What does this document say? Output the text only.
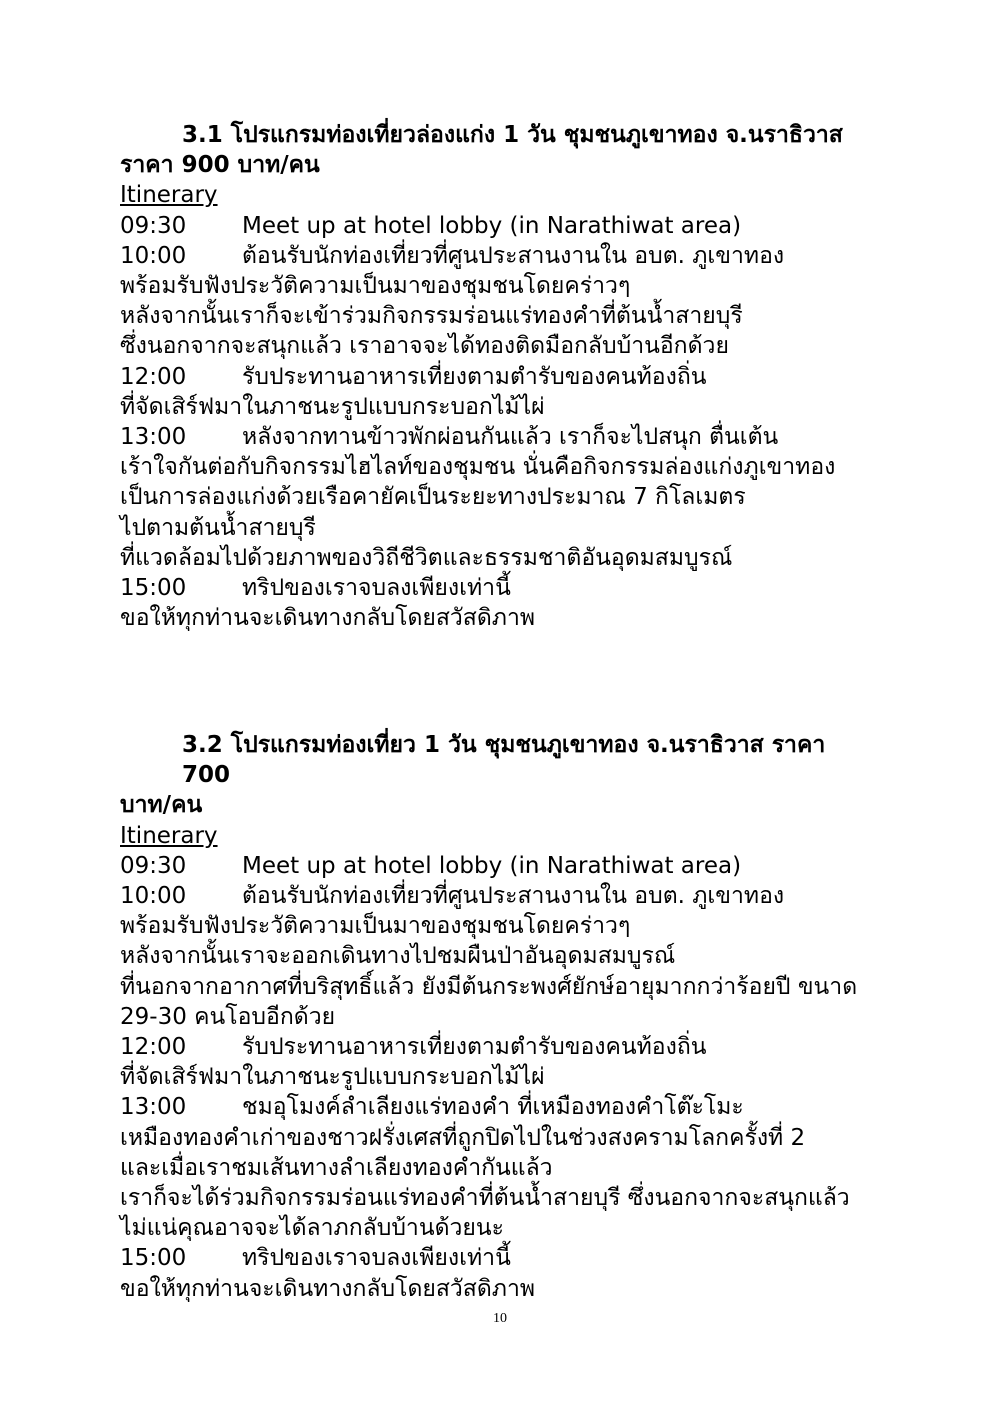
3.1 โปรแกรมท่องเที่ยวล่องแก่ง 1 วัน ชุมชนภูเขาทอง จ.นราธิวาส
ราคา 900 บาท/คน
Itinerary
09:30 Meet up at hotel lobby (in Narathiwat area)
10:00 ต้อนรับนักท่องเที่ยวที่ศูนประสานงานใน อบต. ภูเขาทอง
พร้อมรับฟังประวัติความเป็นมาของชุมชนโดยคร่าวๆ
หลังจากนั้นเราก็จะเข้าร่วมกิจกรรมร่อนแร่ทองคำที่ต้นน้ำสายบุรี
ซึ่งนอกจากจะสนุกแล้ว เราอาจจะได้ทองติดมือกลับบ้านอีกด้วย
12:00 รับประทานอาหารเที่ยงตามตำรับของคนท้องถิ่น
ที่จัดเสิร์ฟมาในภาชนะรูปแบบกระบอกไม้ไผ่
13:00 หลังจากทานข้าวพักผ่อนกันแล้ว เราก็จะไปสนุก ตื่นเต้น
เร้าใจกันต่อกับกิจกรรมไฮไลท์ของชุมชน นั่นคือกิจกรรมล่องแก่งภูเขาทอง
เป็นการล่องแก่งด้วยเรือคายัคเป็นระยะทางประมาณ 7 กิโลเมตร
ไปตามต้นน้ำสายบุรี
ที่แวดล้อมไปด้วยภาพของวิถีชีวิตและธรรมชาติอันอุดมสมบูรณ์
15:00 ทริปของเราจบลงเพียงเท่านี้
ขอให้ทุกท่านจะเดินทางกลับโดยสวัสดิภาพ
3.2 โปรแกรมท่องเที่ยว 1 วัน ชุมชนภูเขาทอง จ.นราธิวาส ราคา 700
บาท/คน
Itinerary
09:30 Meet up at hotel lobby (in Narathiwat area)
10:00 ต้อนรับนักท่องเที่ยวที่ศูนประสานงานใน อบต. ภูเขาทอง
พร้อมรับฟังประวัติความเป็นมาของชุมชนโดยคร่าวๆ
หลังจากนั้นเราจะออกเดินทางไปชมผืนป่าอันอุดมสมบูรณ์
ที่นอกจากอากาศที่บริสุทธิ์แล้ว ยังมีต้นกระพงศ์ยักษ์อายุมากกว่าร้อยปี ขนาด
29-30 คนโอบอีกด้วย
12:00 รับประทานอาหารเที่ยงตามตำรับของคนท้องถิ่น
ที่จัดเสิร์ฟมาในภาชนะรูปแบบกระบอกไม้ไผ่
13:00 ชมอุโมงค์ลำเลียงแร่ทองคำ ที่เหมืองทองคำโต๊ะโมะ
เหมืองทองคำเก่าของชาวฝรั่งเศสที่ถูกปิดไปในช่วงสงครามโลกครั้งที่ 2
และเมื่อเราชมเส้นทางลำเลียงทองคำกันแล้ว
เราก็จะได้ร่วมกิจกรรมร่อนแร่ทองคำที่ต้นน้ำสายบุรี ซึ่งนอกจากจะสนุกแล้ว
ไม่แน่คุณอาจจะได้ลาภกลับบ้านด้วยนะ
15:00 ทริปของเราจบลงเพียงเท่านี้
ขอให้ทุกท่านจะเดินทางกลับโดยสวัสดิภาพ
10
